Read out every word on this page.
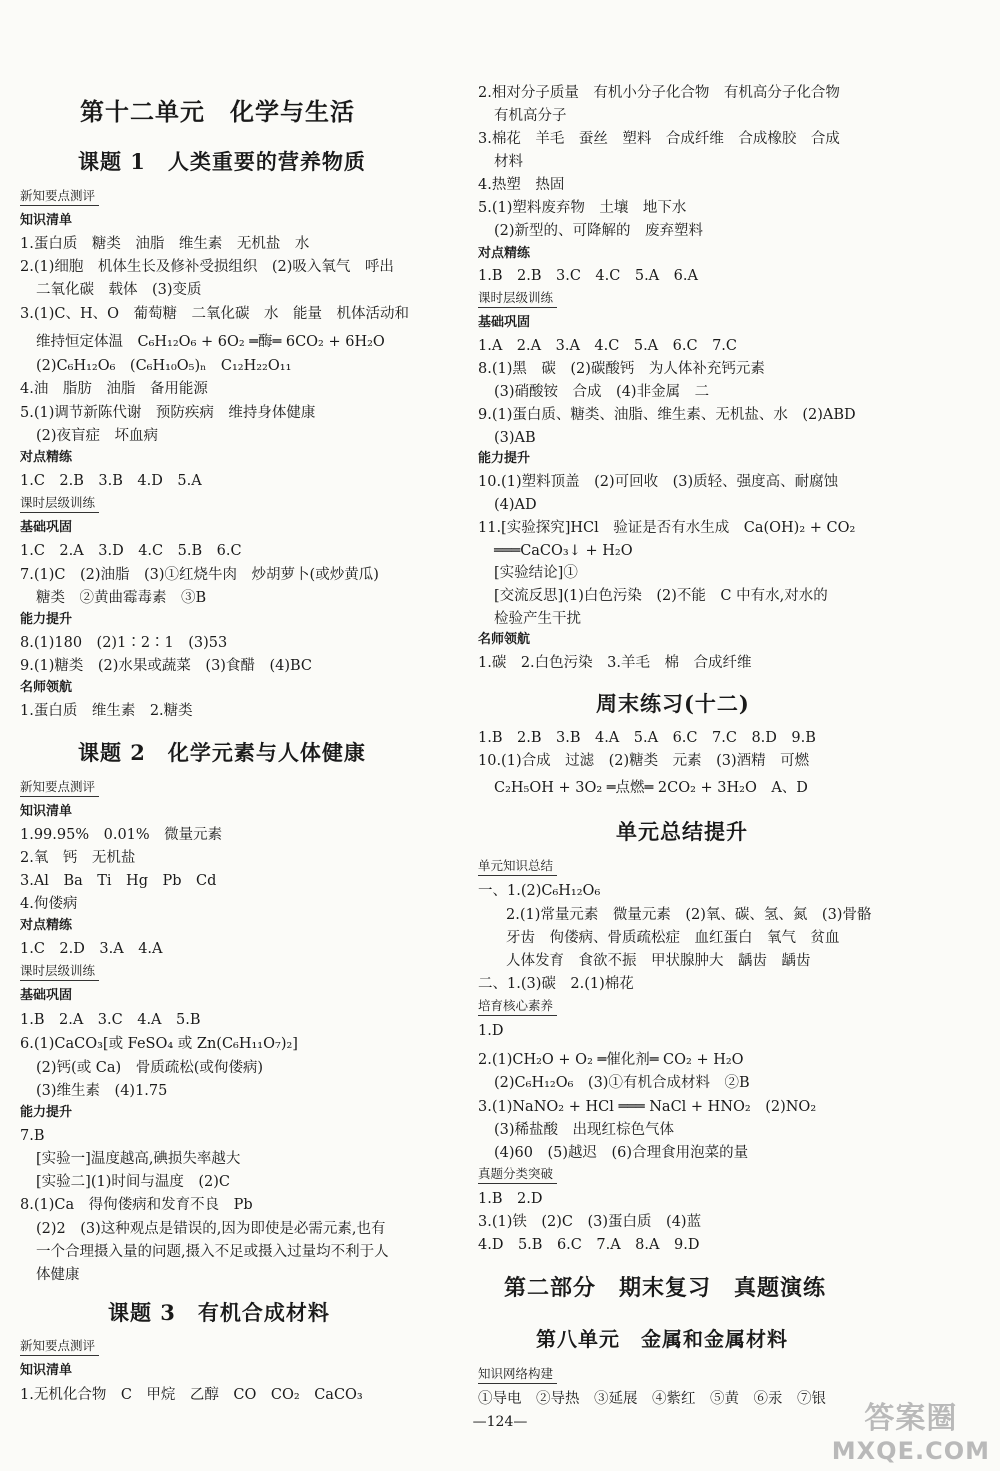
第十二单元　化学与生活
课题 1　人类重要的营养物质
新知要点测评
知识清单
1.蛋白质　糖类　油脂　维生素　无机盐　水
2.(1)细胞　机体生长及修补受损组织　(2)吸入氧气　呼出
二氧化碳　载体　(3)变质
3.(1)C、H、O　葡萄糖　二氧化碳　水　能量　机体活动和
维持恒定体温　C₆H₁₂O₆ + 6O₂ ═酶═ 6CO₂ + 6H₂O
(2)C₆H₁₂O₆　(C₆H₁₀O₅)ₙ　C₁₂H₂₂O₁₁
4.油　脂肪　油脂　备用能源
5.(1)调节新陈代谢　预防疾病　维持身体健康
(2)夜盲症　坏血病
对点精练
1.C　2.B　3.B　4.D　5.A
课时层级训练
基础巩固
1.C　2.A　3.D　4.C　5.B　6.C
7.(1)C　(2)油脂　(3)①红烧牛肉　炒胡萝卜(或炒黄瓜)
糖类　②黄曲霉毒素　③B
能力提升
8.(1)180　(2)1∶2∶1　(3)53
9.(1)糖类　(2)水果或蔬菜　(3)食醋　(4)BC
名师领航
1.蛋白质　维生素　2.糖类
课题 2　化学元素与人体健康
新知要点测评
知识清单
1.99.95%　0.01%　微量元素
2.氧　钙　无机盐
3.Al　Ba　Ti　Hg　Pb　Cd
4.佝偻病
对点精练
1.C　2.D　3.A　4.A
课时层级训练
基础巩固
1.B　2.A　3.C　4.A　5.B
6.(1)CaCO₃[或 FeSO₄ 或 Zn(C₆H₁₁O₇)₂]
(2)钙(或 Ca)　骨质疏松(或佝偻病)
(3)维生素　(4)1.75
能力提升
7.B
[实验一]温度越高,碘损失率越大
[实验二](1)时间与温度　(2)C
8.(1)Ca　得佝偻病和发育不良　Pb
(2)2　(3)这种观点是错误的,因为即使是必需元素,也有
一个合理摄入量的问题,摄入不足或摄入过量均不利于人
体健康
课题 3　有机合成材料
新知要点测评
知识清单
1.无机化合物　C　甲烷　乙醇　CO　CO₂　CaCO₃
2.相对分子质量　有机小分子化合物　有机高分子化合物
有机高分子
3.棉花　羊毛　蚕丝　塑料　合成纤维　合成橡胶　合成
材料
4.热塑　热固
5.(1)塑料废弃物　土壤　地下水
(2)新型的、可降解的　废弃塑料
对点精练
1.B　2.B　3.C　4.C　5.A　6.A
课时层级训练
基础巩固
1.A　2.A　3.A　4.C　5.A　6.C　7.C
8.(1)黑　碳　(2)碳酸钙　为人体补充钙元素
(3)硝酸铵　合成　(4)非金属　二
9.(1)蛋白质、糖类、油脂、维生素、无机盐、水　(2)ABD
(3)AB
能力提升
10.(1)塑料顶盖　(2)可回收　(3)质轻、强度高、耐腐蚀
(4)AD
11.[实验探究]HCl　验证是否有水生成　Ca(OH)₂ + CO₂
═══CaCO₃↓ + H₂O
[实验结论]①
[交流反思](1)白色污染　(2)不能　C 中有水,对水的
检验产生干扰
名师领航
1.碳　2.白色污染　3.羊毛　棉　合成纤维
周末练习(十二)
1.B　2.B　3.B　4.A　5.A　6.C　7.C　8.D　9.B
10.(1)合成　过滤　(2)糖类　元素　(3)酒精　可燃
C₂H₅OH + 3O₂ ═点燃═ 2CO₂ + 3H₂O　A、D
单元总结提升
单元知识总结
一、1.(2)C₆H₁₂O₆
2.(1)常量元素　微量元素　(2)氧、碳、氢、氮　(3)骨骼
牙齿　佝偻病、骨质疏松症　血红蛋白　氧气　贫血
人体发育　食欲不振　甲状腺肿大　龋齿　龋齿
二、1.(3)碳　2.(1)棉花
培育核心素养
1.D
2.(1)CH₂O + O₂ ═催化剂═ CO₂ + H₂O
(2)C₆H₁₂O₆　(3)①有机合成材料　②B
3.(1)NaNO₂ + HCl ═══ NaCl + HNO₂　(2)NO₂
(3)稀盐酸　出现红棕色气体
(4)60　(5)越迟　(6)合理食用泡菜的量
真题分类突破
1.B　2.D
3.(1)铁　(2)C　(3)蛋白质　(4)蓝
4.D　5.B　6.C　7.A　8.A　9.D
第二部分　期末复习　真题演练
第八单元　金属和金属材料
知识网络构建
①导电　②导热　③延展　④紫红　⑤黄　⑥汞　⑦银
—124—	答案圈
MXQE.COM
